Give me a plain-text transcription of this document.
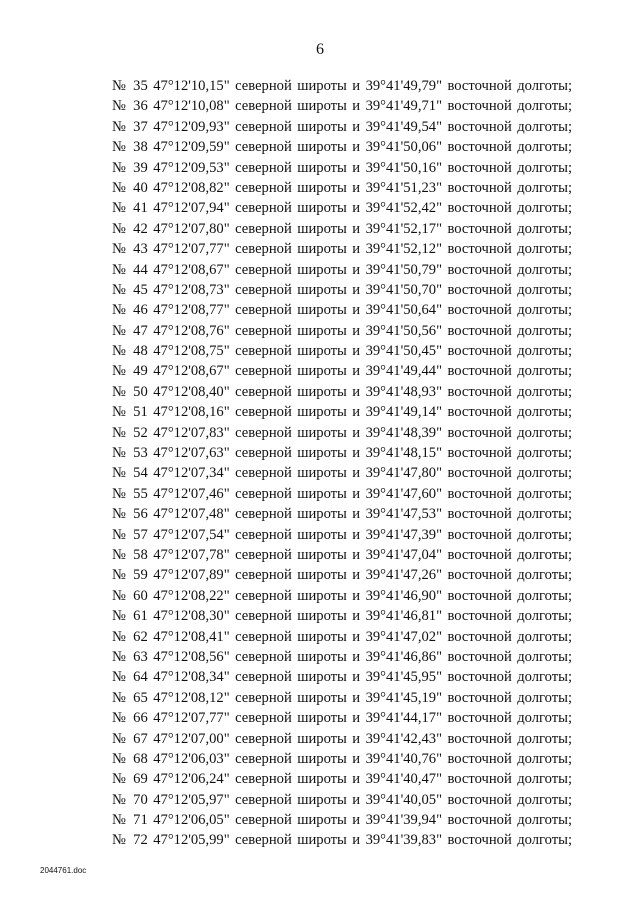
6
№ 35 47°12'10,15" северной широты и 39°41'49,79" восточной долготы;
№ 36 47°12'10,08" северной широты и 39°41'49,71" восточной долготы;
№ 37 47°12'09,93" северной широты и 39°41'49,54" восточной долготы;
№ 38 47°12'09,59" северной широты и 39°41'50,06" восточной долготы;
№ 39 47°12'09,53" северной широты и 39°41'50,16" восточной долготы;
№ 40 47°12'08,82" северной широты и 39°41'51,23" восточной долготы;
№ 41 47°12'07,94" северной широты и 39°41'52,42" восточной долготы;
№ 42 47°12'07,80" северной широты и 39°41'52,17" восточной долготы;
№ 43 47°12'07,77" северной широты и 39°41'52,12" восточной долготы;
№ 44 47°12'08,67" северной широты и 39°41'50,79" восточной долготы;
№ 45 47°12'08,73" северной широты и 39°41'50,70" восточной долготы;
№ 46 47°12'08,77" северной широты и 39°41'50,64" восточной долготы;
№ 47 47°12'08,76" северной широты и 39°41'50,56" восточной долготы;
№ 48 47°12'08,75" северной широты и 39°41'50,45" восточной долготы;
№ 49 47°12'08,67" северной широты и 39°41'49,44" восточной долготы;
№ 50 47°12'08,40" северной широты и 39°41'48,93" восточной долготы;
№ 51 47°12'08,16" северной широты и 39°41'49,14" восточной долготы;
№ 52 47°12'07,83" северной широты и 39°41'48,39" восточной долготы;
№ 53 47°12'07,63" северной широты и 39°41'48,15" восточной долготы;
№ 54 47°12'07,34" северной широты и 39°41'47,80" восточной долготы;
№ 55 47°12'07,46" северной широты и 39°41'47,60" восточной долготы;
№ 56 47°12'07,48" северной широты и 39°41'47,53" восточной долготы;
№ 57 47°12'07,54" северной широты и 39°41'47,39" восточной долготы;
№ 58 47°12'07,78" северной широты и 39°41'47,04" восточной долготы;
№ 59 47°12'07,89" северной широты и 39°41'47,26" восточной долготы;
№ 60 47°12'08,22" северной широты и 39°41'46,90" восточной долготы;
№ 61 47°12'08,30" северной широты и 39°41'46,81" восточной долготы;
№ 62 47°12'08,41" северной широты и 39°41'47,02" восточной долготы;
№ 63 47°12'08,56" северной широты и 39°41'46,86" восточной долготы;
№ 64 47°12'08,34" северной широты и 39°41'45,95" восточной долготы;
№ 65 47°12'08,12" северной широты и 39°41'45,19" восточной долготы;
№ 66 47°12'07,77" северной широты и 39°41'44,17" восточной долготы;
№ 67 47°12'07,00" северной широты и 39°41'42,43" восточной долготы;
№ 68 47°12'06,03" северной широты и 39°41'40,76" восточной долготы;
№ 69 47°12'06,24" северной широты и 39°41'40,47" восточной долготы;
№ 70 47°12'05,97" северной широты и 39°41'40,05" восточной долготы;
№ 71 47°12'06,05" северной широты и 39°41'39,94" восточной долготы;
№ 72 47°12'05,99" северной широты и 39°41'39,83" восточной долготы;
2044761.doc
